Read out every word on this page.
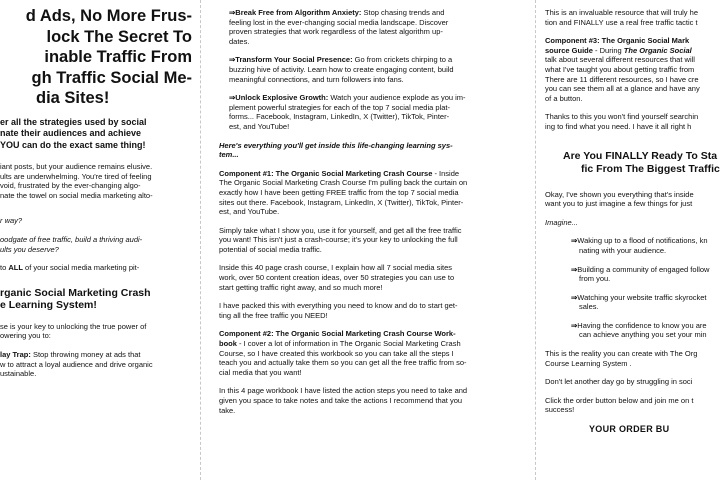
d Ads, No More Frus-
lock The Secret To
inable Traffic From
gh Traffic Social Me-
dia Sites!
er all the strategies used by social
nate their audiences and achieve
YOU can do the exact same thing!

iant posts, but your audience remains elusive.
ults are underwhelming. You're tired of feeling
void, frustrated by the ever-changing algo-
nate the towel on social media marketing alto-

r way?

oodgate of free traffic, build a thriving audi-
ults you deserve?

to ALL of your social media marketing pit-

rganic Social Marketing Crash
e Learning System!

se is your key to unlocking the true power of
owering you to:

lay Trap: Stop throwing money at ads that
w to attract a loyal audience and drive organic
ustainable.

⇒Break Free from Algorithm Anxiety: Stop chasing trends and
feeling lost in the ever-changing social media landscape. Discover
proven strategies that work regardless of the latest algorithm up-
dates.

⇒Transform Your Social Presence: Go from crickets chirping to a
buzzing hive of activity. Learn how to create engaging content, build
meaningful connections, and turn followers into fans.

⇒Unlock Explosive Growth: Watch your audience explode as you im-
plement powerful strategies for each of the top 7 social media plat-
forms... Facebook, Instagram, LinkedIn, X (Twitter), TikTok, Pinter-
est, and YouTube!

Here's everything you'll get inside this life-changing learning sys-
tem...

Component #1: The Organic Social Marketing Crash Course - Inside
The Organic Social Marketing Crash Course I'm pulling back the curtain on
exactly how I have been getting FREE traffic from the top 7 social media
sites out there. Facebook, Instagram, LinkedIn, X (Twitter), TikTok, Pinter-
est, and YouTube.

Simply take what I show you, use it for yourself, and get all the free traffic
you want! This isn't just a crash-course; it's your key to unlocking the full
potential of social media traffic.

Inside this 40 page crash course, I explain how all 7 social media sites
work, over 50 content creation ideas, over 50 strategies you can use to
start getting traffic right away, and so much more!

I have packed this with everything you need to know and do to start get-
ting all the free traffic you NEED!

Component #2: The Organic Social Marketing Crash Course Work-
book - I cover a lot of information in The Organic Social Marketing Crash
Course, so I have created this workbook so you can take all the steps I
teach you and actually take them so you can get all the free traffic from so-
cial media that you want!

In this 4 page workbook I have listed the action steps you need to take and
given you space to take notes and take the actions I recommend that you
take.

This is an invaluable resource that will truly he
tion and FINALLY use a real free traffic tactic t

Component #3: The Organic Social Mark
source Guide - During The Organic Social
talk about several different resources that will
what I've taught you about getting traffic from
There are 11 different resources, so I have cre
you can see them all at a glance and have any
of a button.

Thanks to this you won't find yourself searchin
ing to find what you need. I have it all right h

Are You FINALLY Ready To Sta
fic From The Biggest Traffic

Okay, I've shown you everything that's inside
want you to just imagine a few things for just

Imagine...

⇒Waking up to a flood of notifications, kn
nating with your audience.

⇒Building a community of engaged follow
from you.

⇒Watching your website traffic skyrocket
sales.

⇒Having the confidence to know you are
can achieve anything you set your min

This is the reality you can create with The Org
Course Learning System .

Don't let another day go by struggling in soci

Click the order button below and join me on t
success!

YOUR ORDER BU
